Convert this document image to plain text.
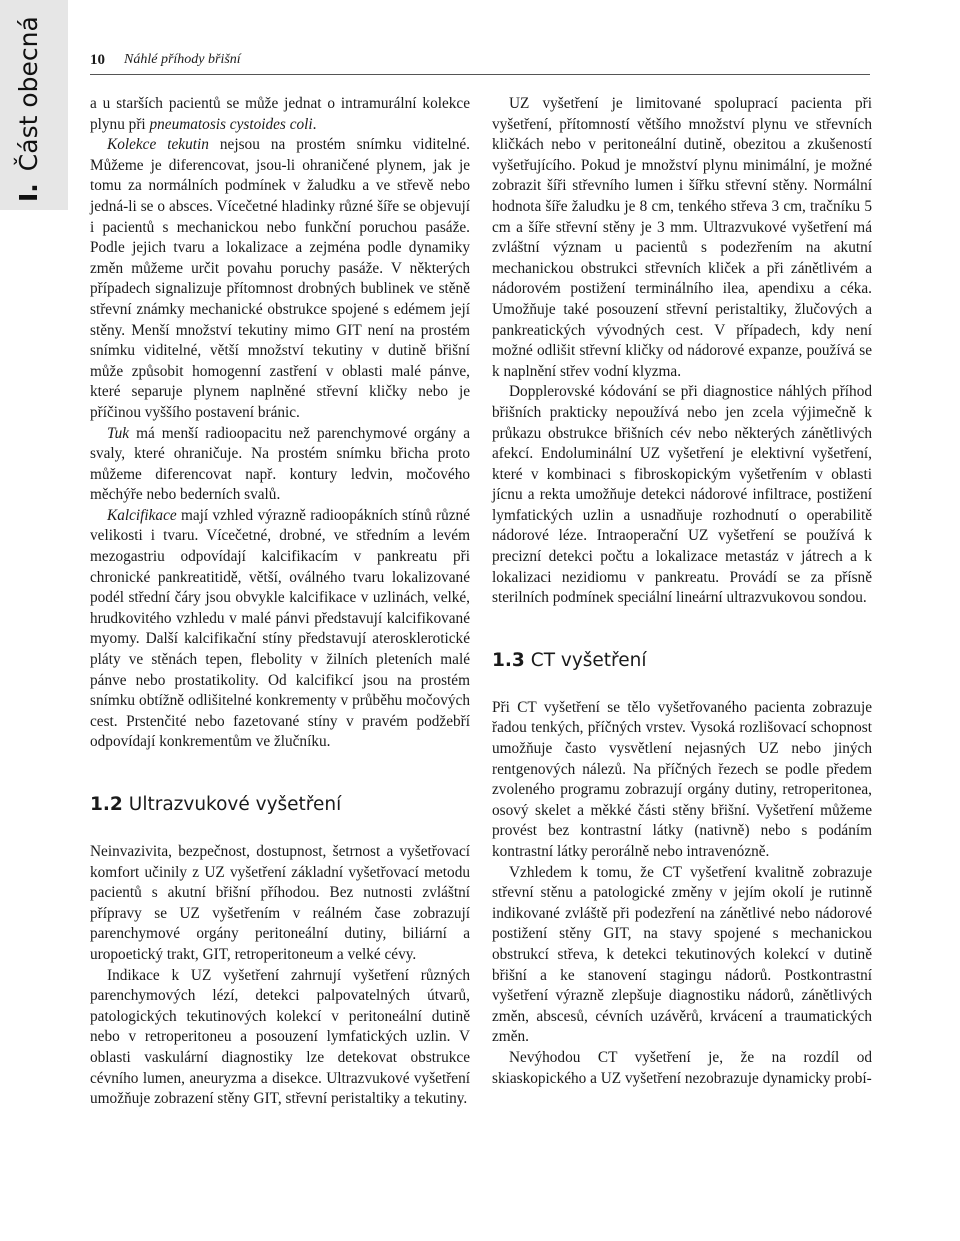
I.Část obecná	10 Náhlé příhody břišní

a u starších pacientů se může jednat o intramurální kolekce plynu při pneumatosis cystoides coli.

Kolekce tekutin nejsou na prostém snímku viditelné. Můžeme je diferencovat, jsou-li ohraničené plynem, jak je tomu za normálních podmínek v žaludku a ve střevě nebo jedná-li se o absces. Vícečetné hladinky různé šíře se objevují i pacientů s mechanickou nebo funkční poruchou pasáže. Podle jejich tvaru a lokalizace a zejména podle dynamiky změn můžeme určit povahu poruchy pasáže. V některých případech signalizuje přítomnost drobných bublinek ve stěně střevní známky mechanické obstrukce spojené s edémem její stěny. Menší množství tekutiny mimo GIT není na prostém snímku viditelné, větší množství tekutiny v dutině břišní může způsobit homogenní zastření v oblasti malé pánve, které separuje plynem naplněné střevní kličky nebo je příčinou vyššího postavení bránic.

Tuk má menší radioopacitu než parenchymové orgány a svaly, které ohraničuje. Na prostém snímku břicha proto můžeme diferencovat např. kontury ledvin, močového měchýře nebo bederních svalů.

Kalcifikace mají vzhled výrazně radioopákních stínů různé velikosti i tvaru. Vícečetné, drobné, ve středním a levém mezogastriu odpovídají kalcifikacím v pankreatu při chronické pankreatitidě, větší, oválného tvaru lokalizované podél střední čáry jsou obvykle kalcifikace v uzlinách, velké, hrudkovitého vzhledu v malé pánvi představují kalcifikované myomy. Další kalcifikační stíny představují aterosklerotické pláty ve stěnách tepen, flebolity v žilních pleteních malé pánve nebo prostatikolity. Od kalcifikcí jsou na prostém snímku obtížně odlišitelné konkrementy v průběhu močových cest. Prstenčité nebo fazetované stíny v pravém podžebří odpovídají konkrementům ve žlučníku.

1.2 Ultrazvukové vyšetření

Neinvazivita, bezpečnost, dostupnost, šetrnost a vyšetřovací komfort učinily z UZ vyšetření základní vyšetřovací metodu pacientů s akutní břišní příhodou. Bez nutnosti zvláštní přípravy se UZ vyšetřením v reálném čase zobrazují parenchymové orgány peritoneální dutiny, biliární a uropoetický trakt, GIT, retroperitoneum a velké cévy.

Indikace k UZ vyšetření zahrnují vyšetření různých parenchymových lézí, detekci palpovatelných útvarů, patologických tekutinových kolekcí v peritoneální dutině nebo v retroperitoneu a posouzení lymfatických uzlin. V oblasti vaskulární diagnostiky lze detekovat obstrukce cévního lumen, aneuryzma a disekce. Ultrazvukové vyšetření umožňuje zobrazení stěny GIT, střevní peristaltiky a tekutiny.

UZ vyšetření je limitované spoluprací pacienta při vyšetření, přítomností většího množství plynu ve střevních kličkách nebo v peritoneální dutině, obezitou a zkušeností vyšetřujícího. Pokud je množství plynu minimální, je možné zobrazit šíři střevního lumen i šířku střevní stěny. Normální hodnota šíře žaludku je 8 cm, tenkého střeva 3 cm, tračníku 5 cm a šíře střevní stěny je 3 mm. Ultrazvukové vyšetření má zvláštní význam u pacientů s podezřením na akutní mechanickou obstrukci střevních kliček a při zánětlivém a nádorovém postižení terminálního ilea, apendixu a céka. Umožňuje také posouzení střevní peristaltiky, žlučových a pankreatických vývodných cest. V případech, kdy není možné odlišit střevní kličky od nádorové expanze, používá se k naplnění střev vodní klyzma.

Dopplerovské kódování se při diagnostice náhlých příhod břišních prakticky nepoužívá nebo jen zcela výjimečně k průkazu obstrukce břišních cév nebo některých zánětlivých afekcí. Endoluminální UZ vyšetření je elektivní vyšetření, které v kombinaci s fibroskopickým vyšetřením v oblasti jícnu a rekta umožňuje detekci nádorové infiltrace, postižení lymfatických uzlin a usnadňuje rozhodnutí o operabilitě nádorové léze. Intraoperační UZ vyšetření se používá k precizní detekci počtu a lokalizace metastáz v játrech a k lokalizaci nezidiomu v pankreatu. Provádí se za přísně sterilních podmínek speciální lineární ultrazvukovou sondou.

1.3 CT vyšetření

Při CT vyšetření se tělo vyšetřovaného pacienta zobrazuje řadou tenkých, příčných vrstev. Vysoká rozlišovací schopnost umožňuje často vysvětlení nejasných UZ nebo jiných rentgenových nálezů. Na příčných řezech se podle předem zvoleného programu zobrazují orgány dutiny, retroperitonea, osový skelet a měkké části stěny břišní. Vyšetření můžeme provést bez kontrastní látky (nativně) nebo s podáním kontrastní látky perorálně nebo intravenózně.

Vzhledem k tomu, že CT vyšetření kvalitně zobrazuje střevní stěnu a patologické změny v jejím okolí je rutinně indikované zvláště při podezření na zánětlivé nebo nádorové postižení stěny GIT, na stavy spojené s mechanickou obstrukcí střeva, k detekci tekutinových kolekcí v dutině břišní a ke stanovení stagingu nádorů. Postkontrastní vyšetření výrazně zlepšuje diagnostiku nádorů, zánětlivých změn, abscesů, cévních uzávěrů, krvácení a traumatických změn.

Nevýhodou CT vyšetření je, že na rozdíl od skiaskopického a UZ vyšetření nezobrazuje dynamicky probí-
